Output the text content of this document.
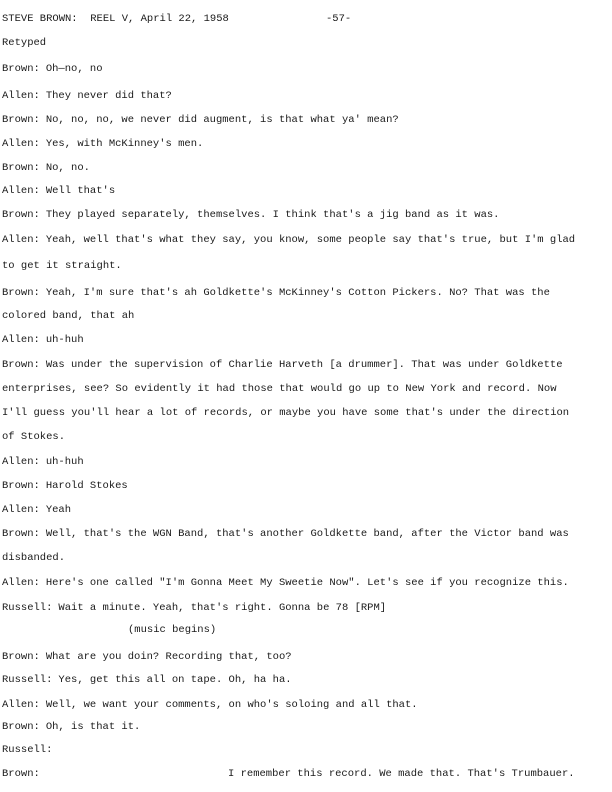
STEVE BROWN:  REEL V, April 22, 1958	-57-
Retyped
Brown: Oh—no, no
Allen: They never did that?
Brown: No, no, no, we never did augment, is that what ya' mean?
Allen: Yes, with McKinney's men.
Brown: No, no.
Allen: Well that's
Brown: They played separately, themselves. I think that's a jig band as it was.
Allen: Yeah, well that's what they say, you know, some people say that's true, but I'm glad
to get it straight.
Brown: Yeah, I'm sure that's ah Goldkette's McKinney's Cotton Pickers. No? That was the
colored band, that ah
Allen: uh-huh
Brown: Was under the supervision of Charlie Harveth [a drummer]. That was under Goldkette
enterprises, see? So evidently it had those that would go up to New York and record. Now
I'll guess you'll hear a lot of records, or maybe you have some that's under the direction
of Stokes.
Allen: uh-huh
Brown: Harold Stokes
Allen: Yeah
Brown: Well, that's the WGN Band, that's another Goldkette band, after the Victor band was
disbanded.
Allen: Here's one called "I'm Gonna Meet My Sweetie Now". Let's see if you recognize this.
Russell: Wait a minute. Yeah, that's right. Gonna be 78 [RPM]
(music begins)
Brown: What are you doin? Recording that, too?
Russell: Yes, get this all on tape. Oh, ha ha.
Allen: Well, we want your comments, on who's soloing and all that.
Brown: Oh, is that it.
Russell:
Brown:	I remember this record. We made that. That's Trumbauer.
